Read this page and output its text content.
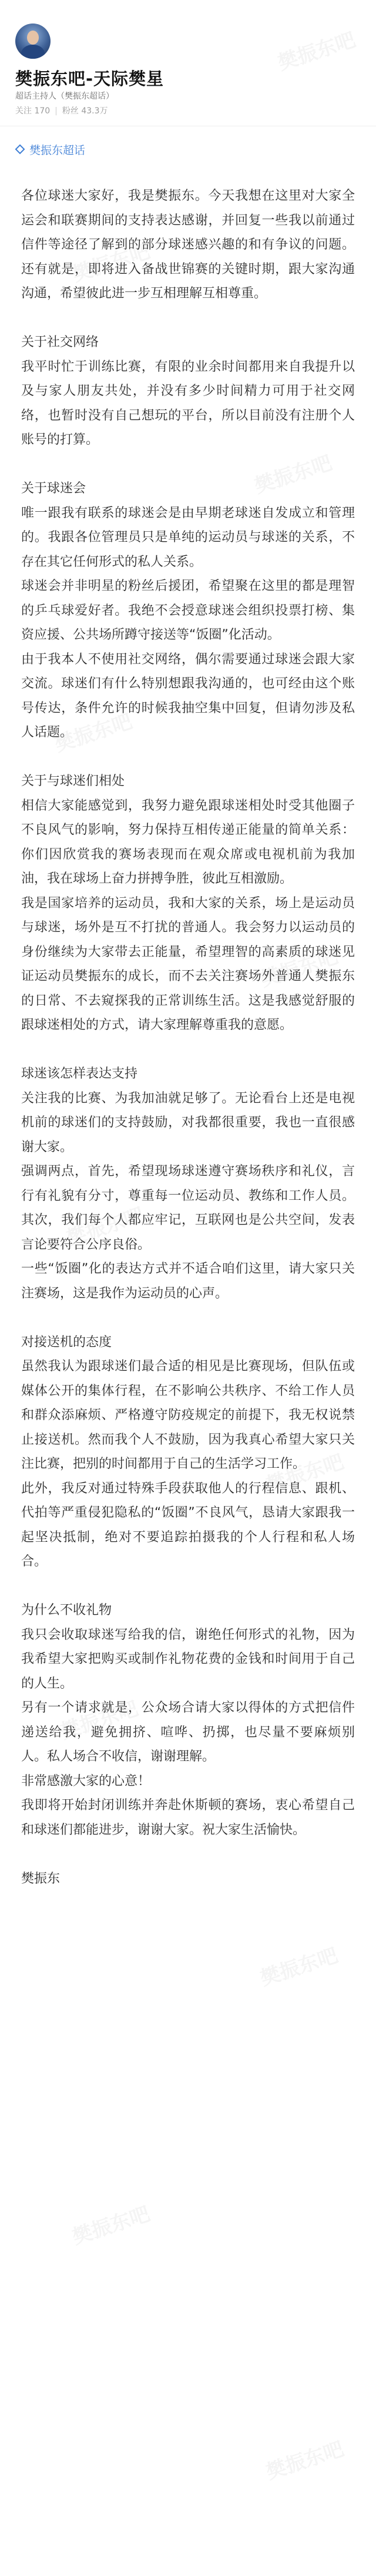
樊振东吧-天际樊星
超话主持人（樊振东超话）
关注 170 | 粉丝 43.3万
樊振东超话

各位球迷大家好，我是樊振东。今天我想在这里对大家全运会和联赛期间的支持表达感谢，并回复一些我以前通过信件等途径了解到的部分球迷感兴趣的和有争议的问题。还有就是，即将进入备战世锦赛的关键时期，跟大家沟通沟通，希望彼此进一步互相理解互相尊重。

关于社交网络

我平时忙于训练比赛，有限的业余时间都用来自我提升以及与家人朋友共处，并没有多少时间精力可用于社交网络，也暂时没有自己想玩的平台，所以目前没有注册个人账号的打算。

关于球迷会

唯一跟我有联系的球迷会是由早期老球迷自发成立和管理的。我跟各位管理员只是单纯的运动员与球迷的关系，不存在其它任何形式的私人关系。

球迷会并非明星的粉丝后援团，希望聚在这里的都是理智的乒乓球爱好者。我绝不会授意球迷会组织投票打榜、集资应援、公共场所蹲守接送等“饭圈”化活动。

由于我本人不使用社交网络，偶尔需要通过球迷会跟大家交流。球迷们有什么特别想跟我沟通的，也可经由这个账号传达，条件允许的时候我抽空集中回复，但请勿涉及私人话题。

关于与球迷们相处

相信大家能感觉到，我努力避免跟球迷相处时受其他圈子不良风气的影响，努力保持互相传递正能量的简单关系：你们因欣赏我的赛场表现而在观众席或电视机前为我加油，我在球场上奋力拼搏争胜，彼此互相激励。

我是国家培养的运动员，我和大家的关系，场上是运动员与球迷，场外是互不打扰的普通人。我会努力以运动员的身份继续为大家带去正能量，希望理智的高素质的球迷见证运动员樊振东的成长，而不去关注赛场外普通人樊振东的日常、不去窥探我的正常训练生活。这是我感觉舒服的跟球迷相处的方式，请大家理解尊重我的意愿。

球迷该怎样表达支持

关注我的比赛、为我加油就足够了。无论看台上还是电视机前的球迷们的支持鼓励，对我都很重要，我也一直很感谢大家。

强调两点，首先，希望现场球迷遵守赛场秩序和礼仪，言行有礼貌有分寸，尊重每一位运动员、教练和工作人员。其次，我们每个人都应牢记，互联网也是公共空间，发表言论要符合公序良俗。

一些“饭圈”化的表达方式并不适合咱们这里，请大家只关注赛场，这是我作为运动员的心声。

对接送机的态度

虽然我认为跟球迷们最合适的相见是比赛现场，但队伍或媒体公开的集体行程，在不影响公共秩序、不给工作人员和群众添麻烦、严格遵守防疫规定的前提下，我无权说禁止接送机。然而我个人不鼓励，因为我真心希望大家只关注比赛，把别的时间都用于自己的生活学习工作。

此外，我反对通过特殊手段获取他人的行程信息、跟机、代拍等严重侵犯隐私的“饭圈”不良风气，恳请大家跟我一起坚决抵制，绝对不要追踪拍摄我的个人行程和私人场合。

为什么不收礼物

我只会收取球迷写给我的信，谢绝任何形式的礼物，因为我希望大家把购买或制作礼物花费的金钱和时间用于自己的人生。

另有一个请求就是，公众场合请大家以得体的方式把信件递送给我，避免拥挤、喧哗、扔掷，也尽量不要麻烦别人。私人场合不收信，谢谢理解。

非常感激大家的心意！

我即将开始封闭训练并奔赴休斯顿的赛场，衷心希望自己和球迷们都能进步，谢谢大家。祝大家生活愉快。

樊振东
